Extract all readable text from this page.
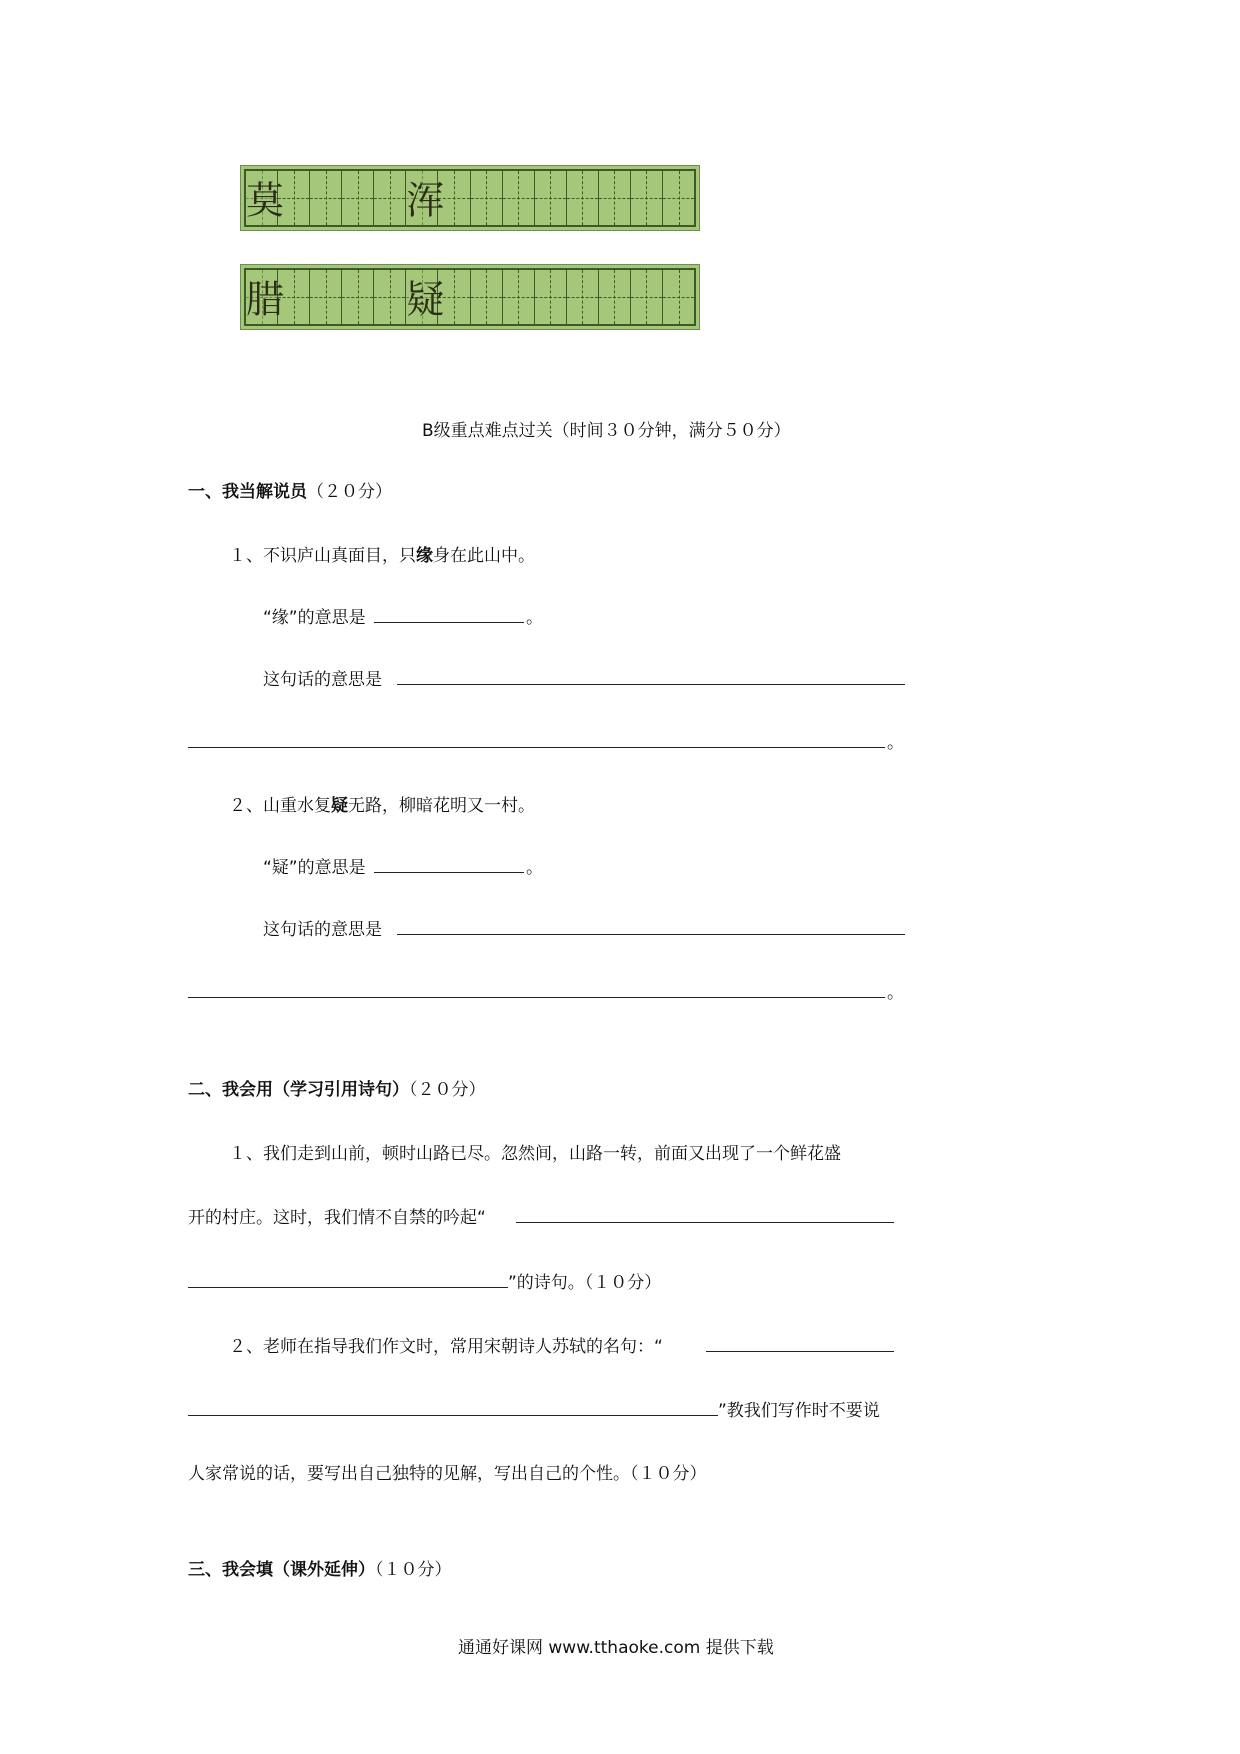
莫	浑
腊	疑
B级重点难点过关（时间３０分钟，满分５０分）
一、我当解说员（２０分）
１、不识庐山真面目，只缘身在此山中。
“缘”的意思是	。
这句话的意思是
。
２、山重水复疑无路，柳暗花明又一村。
“疑”的意思是	。
这句话的意思是
。
二、我会用（学习引用诗句）（２０分）
１、我们走到山前，顿时山路已尽。忽然间，山路一转，前面又出现了一个鲜花盛
开的村庄。这时，我们情不自禁的吟起“
”的诗句。（１０分）
２、老师在指导我们作文时，常用宋朝诗人苏轼的名句：“
”教我们写作时不要说
人家常说的话，要写出自己独特的见解，写出自己的个性。（１０分）
三、我会填（课外延伸）（１０分）
通通好课网 www.tthaoke.com 提供下载
